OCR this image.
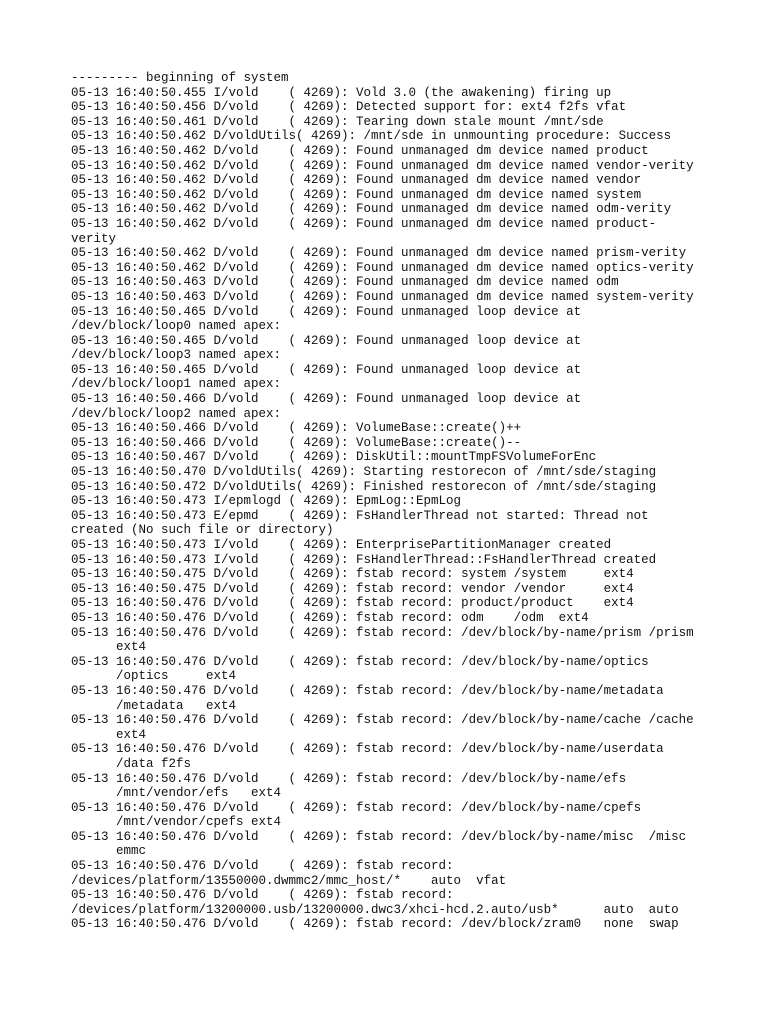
--------- beginning of system
05-13 16:40:50.455 I/vold    ( 4269): Vold 3.0 (the awakening) firing up
05-13 16:40:50.456 D/vold    ( 4269): Detected support for: ext4 f2fs vfat
05-13 16:40:50.461 D/vold    ( 4269): Tearing down stale mount /mnt/sde
05-13 16:40:50.462 D/voldUtils( 4269): /mnt/sde in unmounting procedure: Success
05-13 16:40:50.462 D/vold    ( 4269): Found unmanaged dm device named product
05-13 16:40:50.462 D/vold    ( 4269): Found unmanaged dm device named vendor-verity
05-13 16:40:50.462 D/vold    ( 4269): Found unmanaged dm device named vendor
05-13 16:40:50.462 D/vold    ( 4269): Found unmanaged dm device named system
05-13 16:40:50.462 D/vold    ( 4269): Found unmanaged dm device named odm-verity
05-13 16:40:50.462 D/vold    ( 4269): Found unmanaged dm device named product-
verity
05-13 16:40:50.462 D/vold    ( 4269): Found unmanaged dm device named prism-verity
05-13 16:40:50.462 D/vold    ( 4269): Found unmanaged dm device named optics-verity
05-13 16:40:50.463 D/vold    ( 4269): Found unmanaged dm device named odm
05-13 16:40:50.463 D/vold    ( 4269): Found unmanaged dm device named system-verity
05-13 16:40:50.465 D/vold    ( 4269): Found unmanaged loop device at
/dev/block/loop0 named apex:
05-13 16:40:50.465 D/vold    ( 4269): Found unmanaged loop device at
/dev/block/loop3 named apex:
05-13 16:40:50.465 D/vold    ( 4269): Found unmanaged loop device at
/dev/block/loop1 named apex:
05-13 16:40:50.466 D/vold    ( 4269): Found unmanaged loop device at
/dev/block/loop2 named apex:
05-13 16:40:50.466 D/vold    ( 4269): VolumeBase::create()++
05-13 16:40:50.466 D/vold    ( 4269): VolumeBase::create()--
05-13 16:40:50.467 D/vold    ( 4269): DiskUtil::mountTmpFSVolumeForEnc
05-13 16:40:50.470 D/voldUtils( 4269): Starting restorecon of /mnt/sde/staging
05-13 16:40:50.472 D/voldUtils( 4269): Finished restorecon of /mnt/sde/staging
05-13 16:40:50.473 I/epmlogd ( 4269): EpmLog::EpmLog
05-13 16:40:50.473 E/epmd    ( 4269): FsHandlerThread not started: Thread not
created (No such file or directory)
05-13 16:40:50.473 I/vold    ( 4269): EnterprisePartitionManager created
05-13 16:40:50.473 I/vold    ( 4269): FsHandlerThread::FsHandlerThread created
05-13 16:40:50.475 D/vold    ( 4269): fstab record: system /system     ext4
05-13 16:40:50.475 D/vold    ( 4269): fstab record: vendor /vendor     ext4
05-13 16:40:50.476 D/vold    ( 4269): fstab record: product/product    ext4
05-13 16:40:50.476 D/vold    ( 4269): fstab record: odm    /odm  ext4
05-13 16:40:50.476 D/vold    ( 4269): fstab record: /dev/block/by-name/prism /prism
ext4
05-13 16:40:50.476 D/vold    ( 4269): fstab record: /dev/block/by-name/optics
/optics     ext4
05-13 16:40:50.476 D/vold    ( 4269): fstab record: /dev/block/by-name/metadata
/metadata   ext4
05-13 16:40:50.476 D/vold    ( 4269): fstab record: /dev/block/by-name/cache /cache
ext4
05-13 16:40:50.476 D/vold    ( 4269): fstab record: /dev/block/by-name/userdata
/data f2fs
05-13 16:40:50.476 D/vold    ( 4269): fstab record: /dev/block/by-name/efs
/mnt/vendor/efs   ext4
05-13 16:40:50.476 D/vold    ( 4269): fstab record: /dev/block/by-name/cpefs
/mnt/vendor/cpefs ext4
05-13 16:40:50.476 D/vold    ( 4269): fstab record: /dev/block/by-name/misc  /misc
emmc
05-13 16:40:50.476 D/vold    ( 4269): fstab record:
/devices/platform/13550000.dwmmc2/mmc_host/*    auto  vfat
05-13 16:40:50.476 D/vold    ( 4269): fstab record:
/devices/platform/13200000.usb/13200000.dwc3/xhci-hcd.2.auto/usb*      auto  auto
05-13 16:40:50.476 D/vold    ( 4269): fstab record: /dev/block/zram0   none  swap
